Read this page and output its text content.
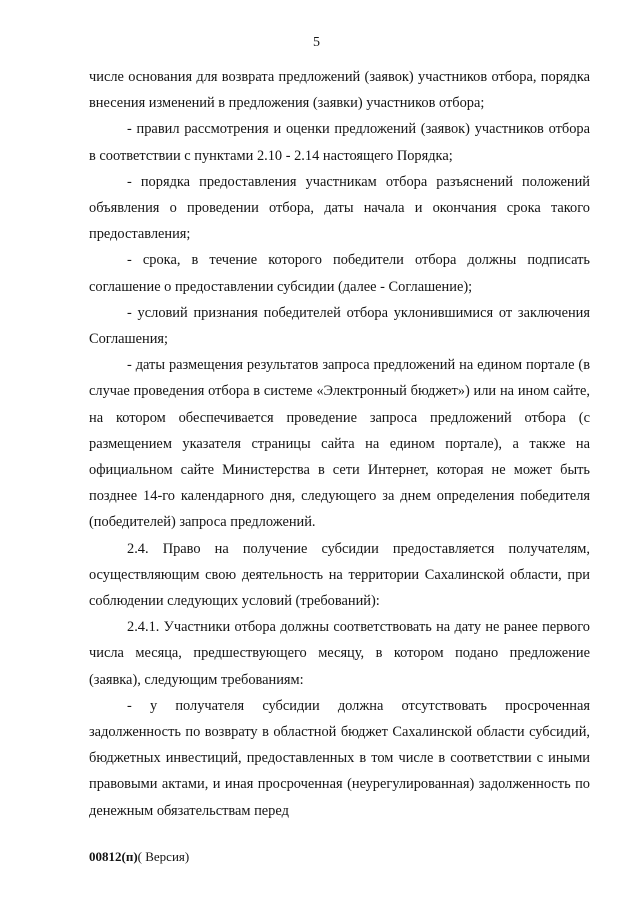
5

числе основания для возврата предложений (заявок) участников отбора, порядка внесения изменений в предложения (заявки) участников отбора;

- правил рассмотрения и оценки предложений (заявок) участников отбора в соответствии с пунктами 2.10 - 2.14 настоящего Порядка;

- порядка предоставления участникам отбора разъяснений положений объявления о проведении отбора, даты начала и окончания срока такого предоставления;

- срока, в течение которого победители отбора должны подписать соглашение о предоставлении субсидии (далее - Соглашение);

- условий признания победителей отбора уклонившимися от заключения Соглашения;

- даты размещения результатов запроса предложений на едином портале (в случае проведения отбора в системе «Электронный бюджет») или на ином сайте, на котором обеспечивается проведение запроса предложений отбора (с размещением указателя страницы сайта на едином портале), а также на официальном сайте Министерства в сети Интернет, которая не может быть позднее 14-го календарного дня, следующего за днем определения победителя (победителей) запроса предложений.

2.4. Право на получение субсидии предоставляется получателям, осуществляющим свою деятельность на территории Сахалинской области, при соблюдении следующих условий (требований):

2.4.1. Участники отбора должны соответствовать на дату не ранее первого числа месяца, предшествующего месяцу, в котором подано предложение (заявка), следующим требованиям:

- у получателя субсидии должна отсутствовать просроченная задолженность по возврату в областной бюджет Сахалинской области субсидий, бюджетных инвестиций, предоставленных в том числе в соответствии с иными правовыми актами, и иная просроченная (неурегулированная) задолженность по денежным обязательствам перед

00812(п)( Версия)
